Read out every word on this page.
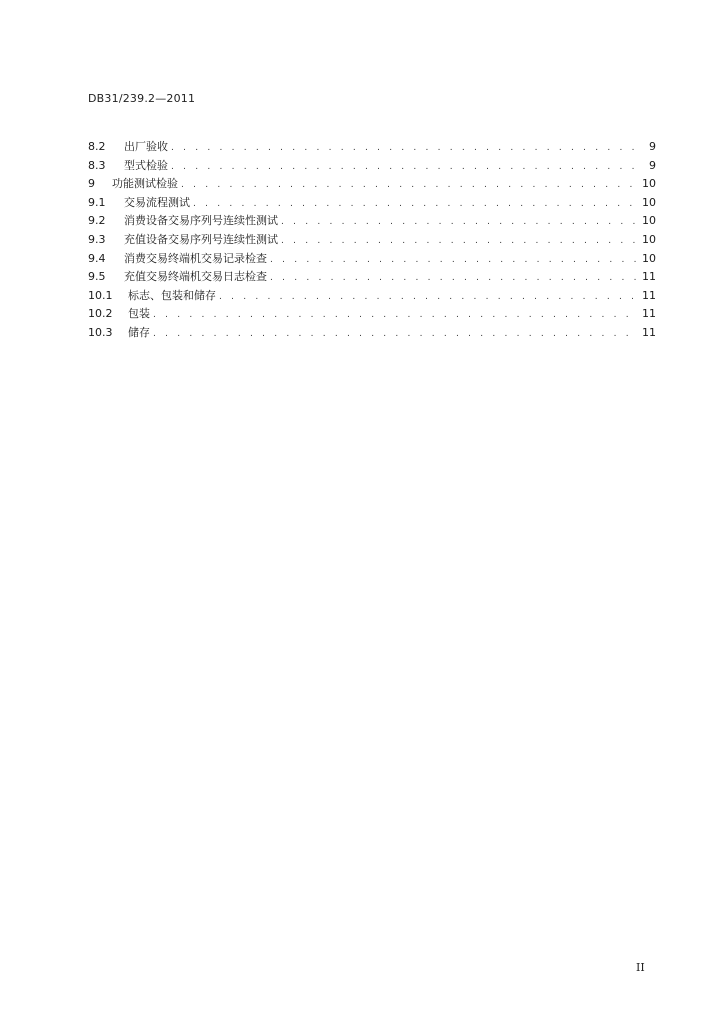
DB31/239.2—2011
8.2	出厂验收 . . .	9
8.3	型式检验 . . .	9
9	功能测试检验 . . .	10
9.1	交易流程测试 . . .	10
9.2	消费设备交易序列号连续性测试 . . .	10
9.3	充值设备交易序列号连续性测试 . . .	10
9.4	消费交易终端机交易记录检查 . . .	10
9.5	充值交易终端机交易日志检查 . . .	11
10.1	标志、包装和储存 . . .	11
10.2	包装 . . .	11
10.3	储存 . . .	11
II
